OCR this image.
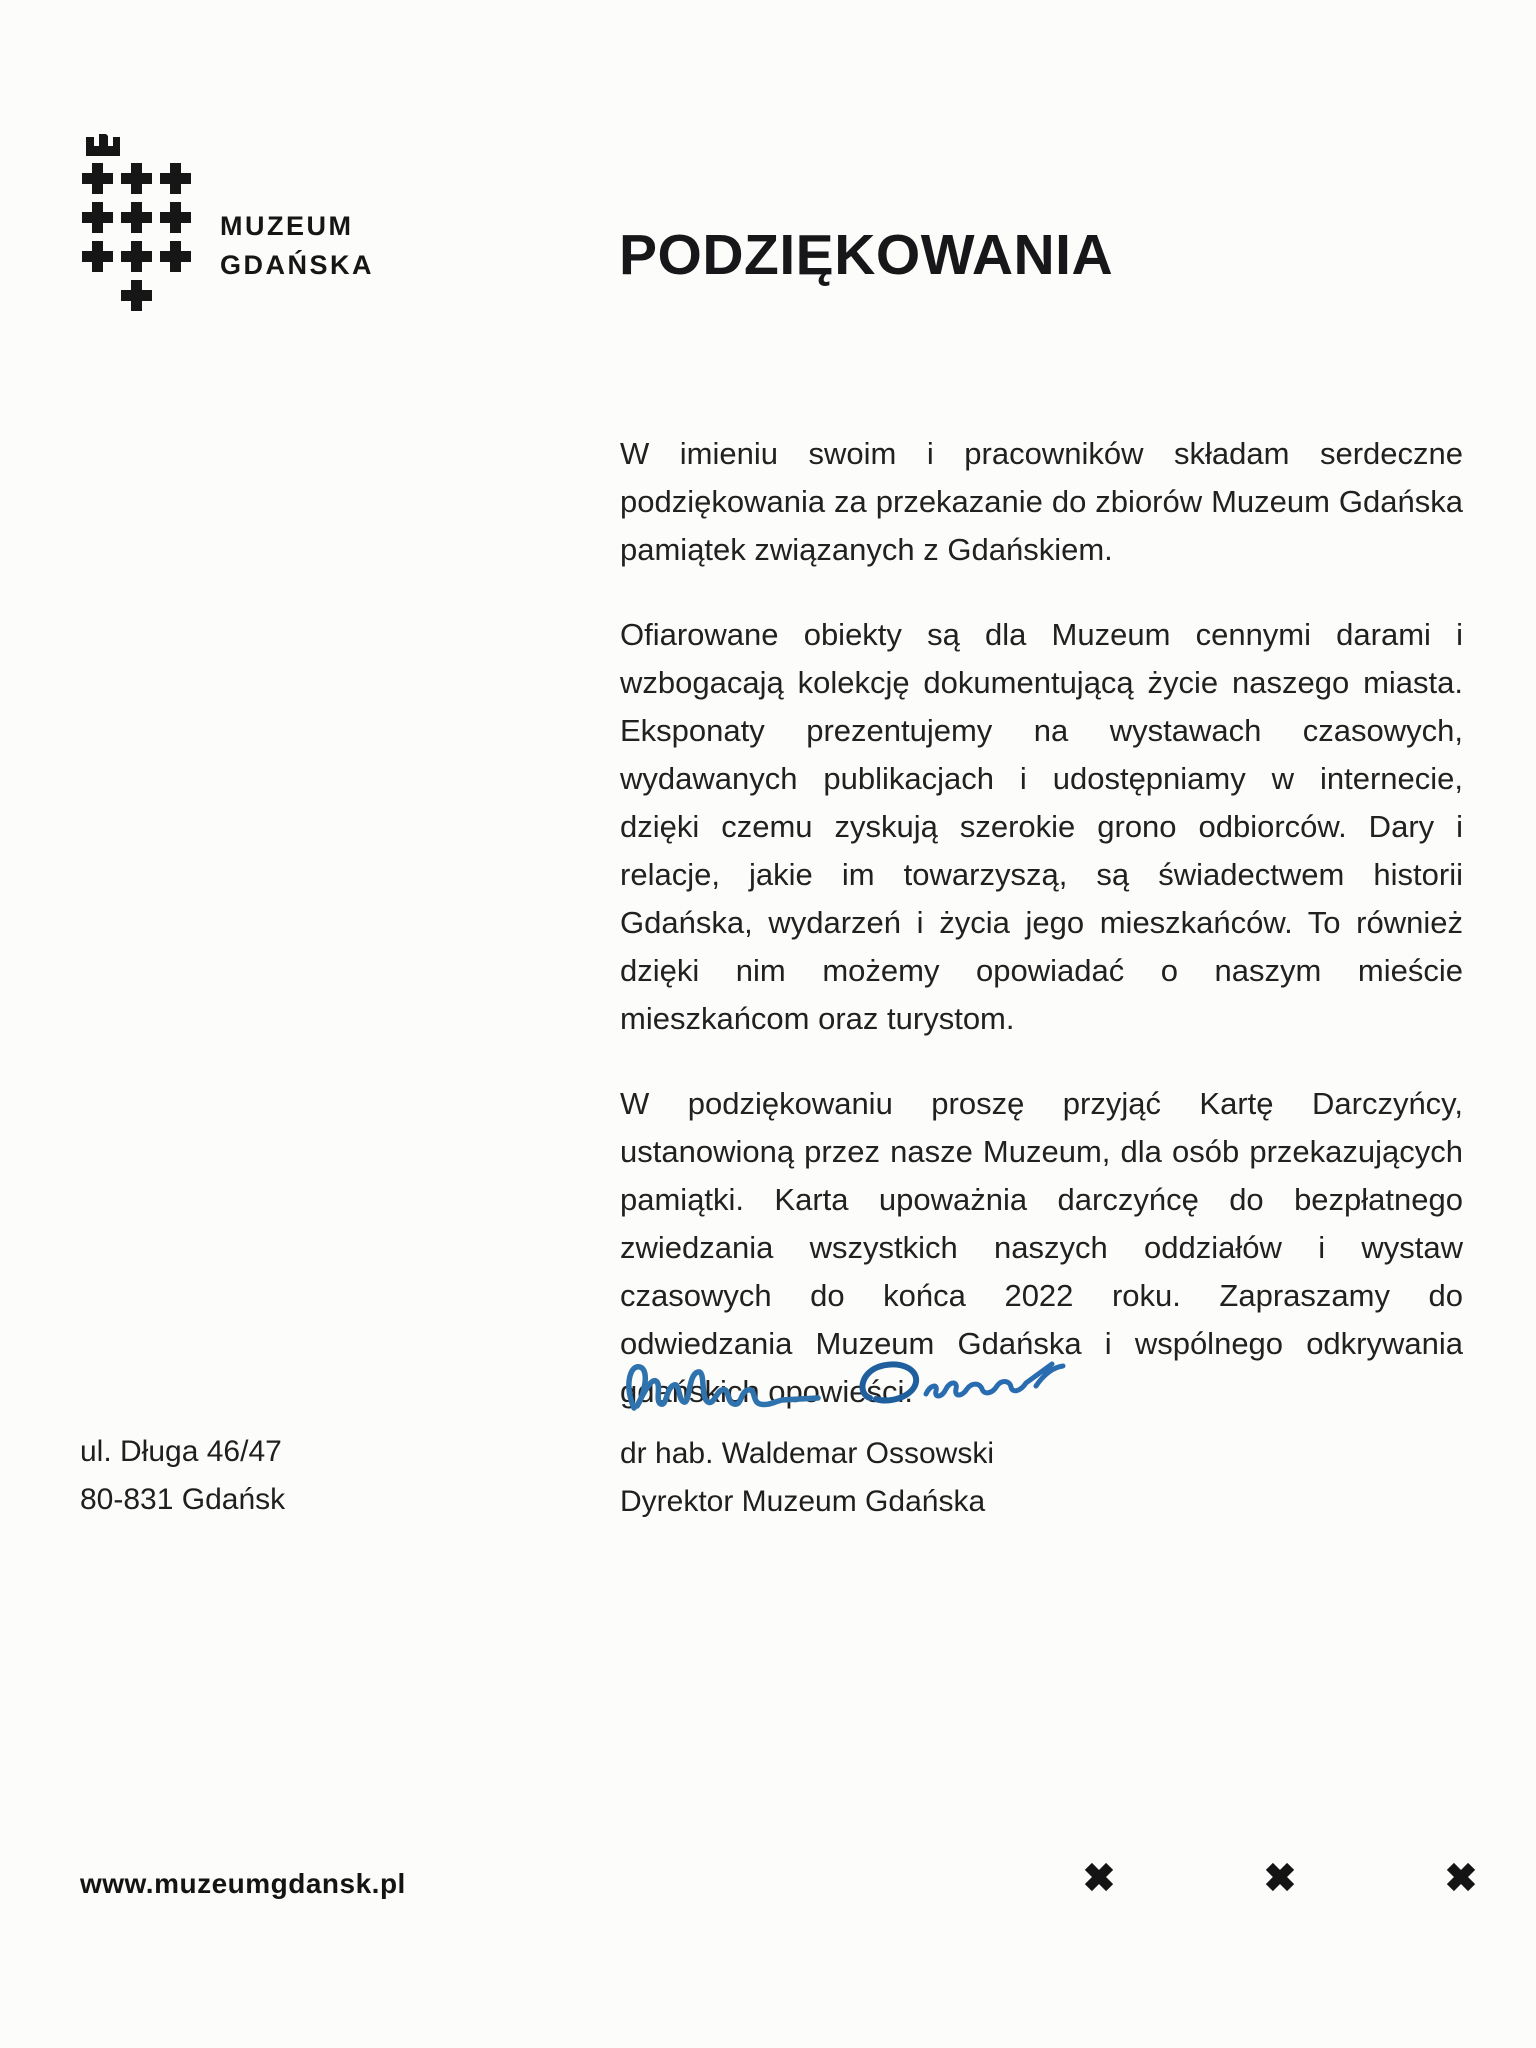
MUZEUM
GDAŃSKA	PODZIĘKOWANIA

W imieniu swoim i pracowników składam serdeczne podziękowania za przekazanie do zbiorów Muzeum Gdańska pamiątek związanych z Gdańskiem.

Ofiarowane obiekty są dla Muzeum cennymi darami i wzbogacają kolekcję dokumentującą życie naszego miasta. Eksponaty prezentujemy na wystawach czasowych, wydawanych publikacjach i udostępniamy w internecie, dzięki czemu zyskują szerokie grono odbiorców. Dary i relacje, jakie im towarzyszą, są świadectwem historii Gdańska, wydarzeń i życia jego mieszkańców. To również dzięki nim możemy opowiadać o naszym mieście mieszkańcom oraz turystom.

W podziękowaniu proszę przyjąć Kartę Darczyńcy, ustanowioną przez nasze Muzeum, dla osób przekazujących pamiątki. Karta upoważnia darczyńcę do bezpłatnego zwiedzania wszystkich naszych oddziałów i wystaw czasowych do końca 2022 roku. Zapraszamy do odwiedzania Muzeum Gdańska i wspólnego odkrywania gdańskich opowieści.

dr hab. Waldemar Ossowski
Dyrektor Muzeum Gdańska
ul. Długa 46/47
80-831 Gdańsk
www.muzeumgdansk.pl
